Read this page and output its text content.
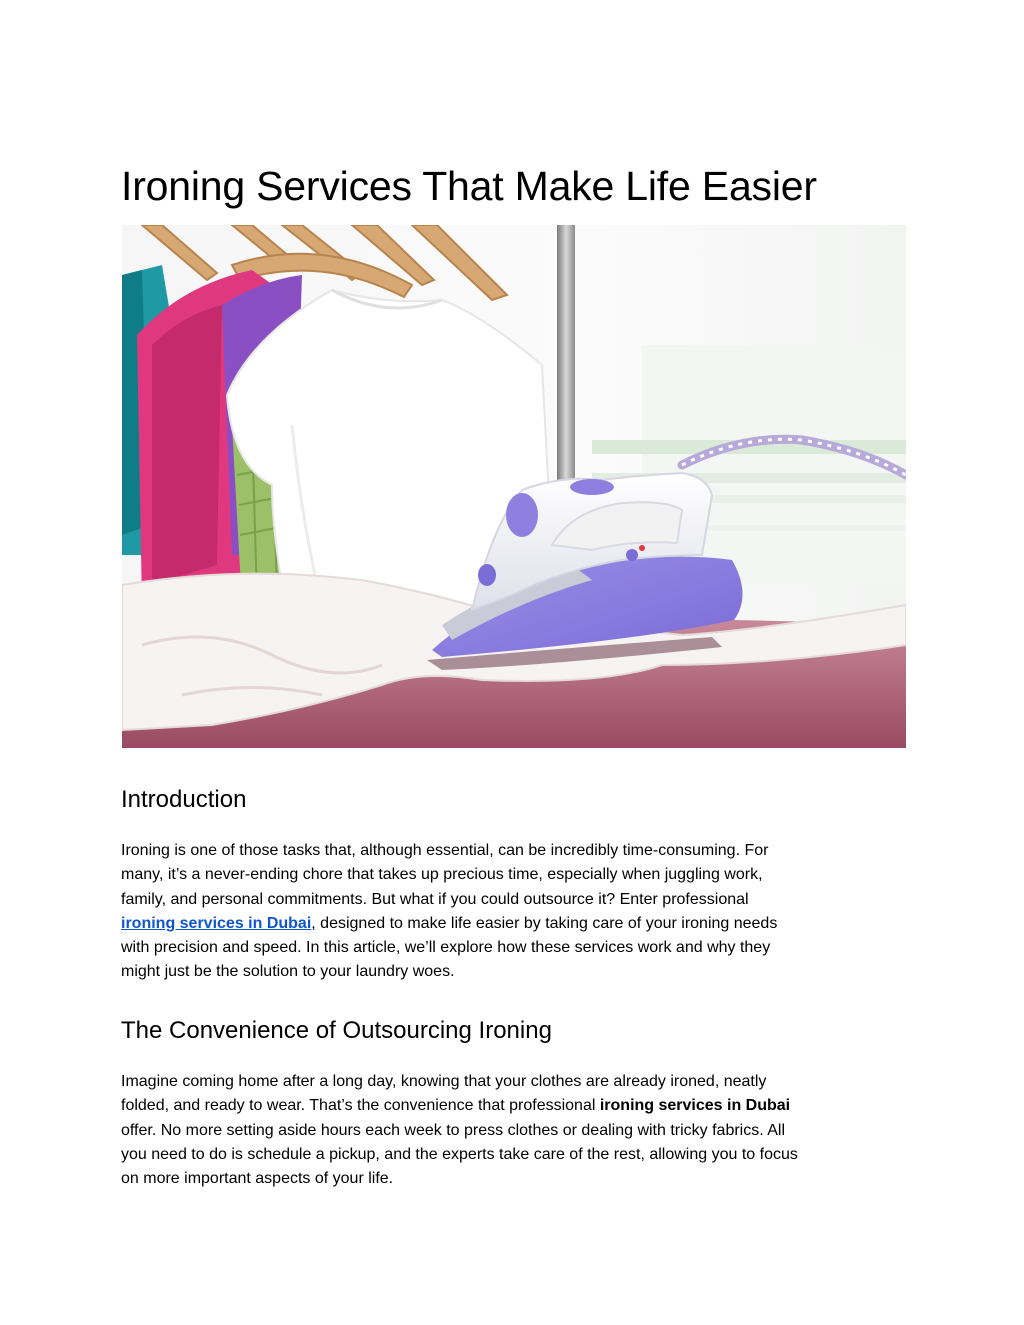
Ironing Services That Make Life Easier
Introduction

Ironing is one of those tasks that, although essential, can be incredibly time-consuming. For
many, it’s a never-ending chore that takes up precious time, especially when juggling work,
family, and personal commitments. But what if you could outsource it? Enter professional
ironing services in Dubai, designed to make life easier by taking care of your ironing needs
with precision and speed. In this article, we’ll explore how these services work and why they
might just be the solution to your laundry woes.

The Convenience of Outsourcing Ironing

Imagine coming home after a long day, knowing that your clothes are already ironed, neatly
folded, and ready to wear. That’s the convenience that professional ironing services in Dubai
offer. No more setting aside hours each week to press clothes or dealing with tricky fabrics. All
you need to do is schedule a pickup, and the experts take care of the rest, allowing you to focus
on more important aspects of your life.
